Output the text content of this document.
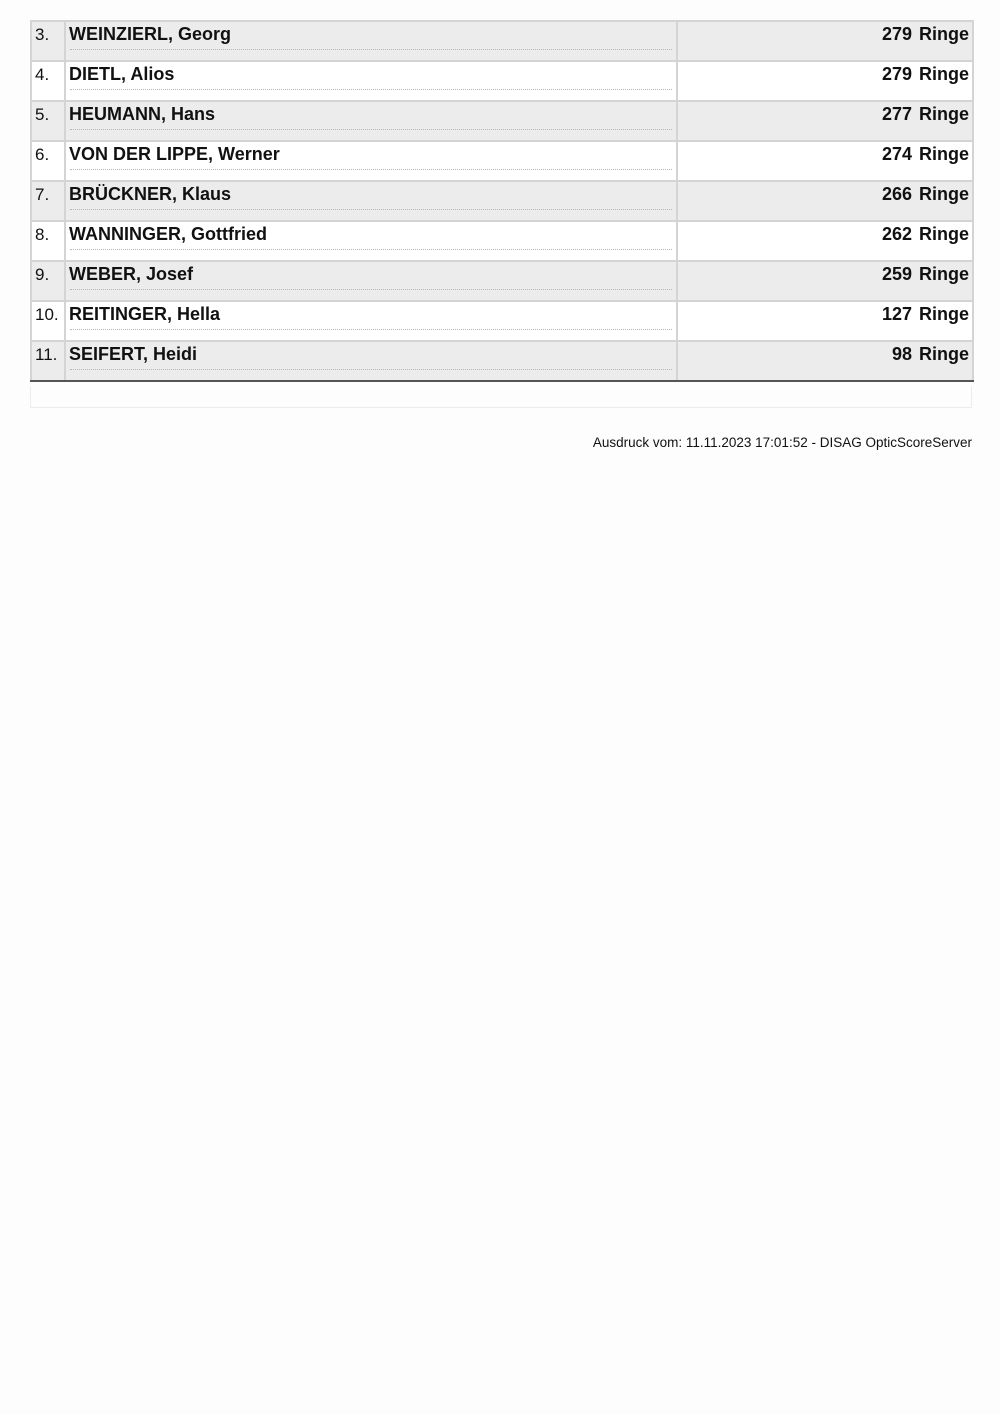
3.	WEINZIERL, Georg	279 Ringe

4.	DIETL, Alios	279 Ringe

5.	HEUMANN, Hans	277 Ringe

6.	VON DER LIPPE, Werner	274 Ringe

7.	BRÜCKNER, Klaus	266 Ringe

8.	WANNINGER, Gottfried	262 Ringe

9.	WEBER, Josef	259 Ringe

10.	REITINGER, Hella	127 Ringe

11.	SEIFERT, Heidi	98 Ringe
Ausdruck vom: 11.11.2023 17:01:52 - DISAG OpticScoreServer
